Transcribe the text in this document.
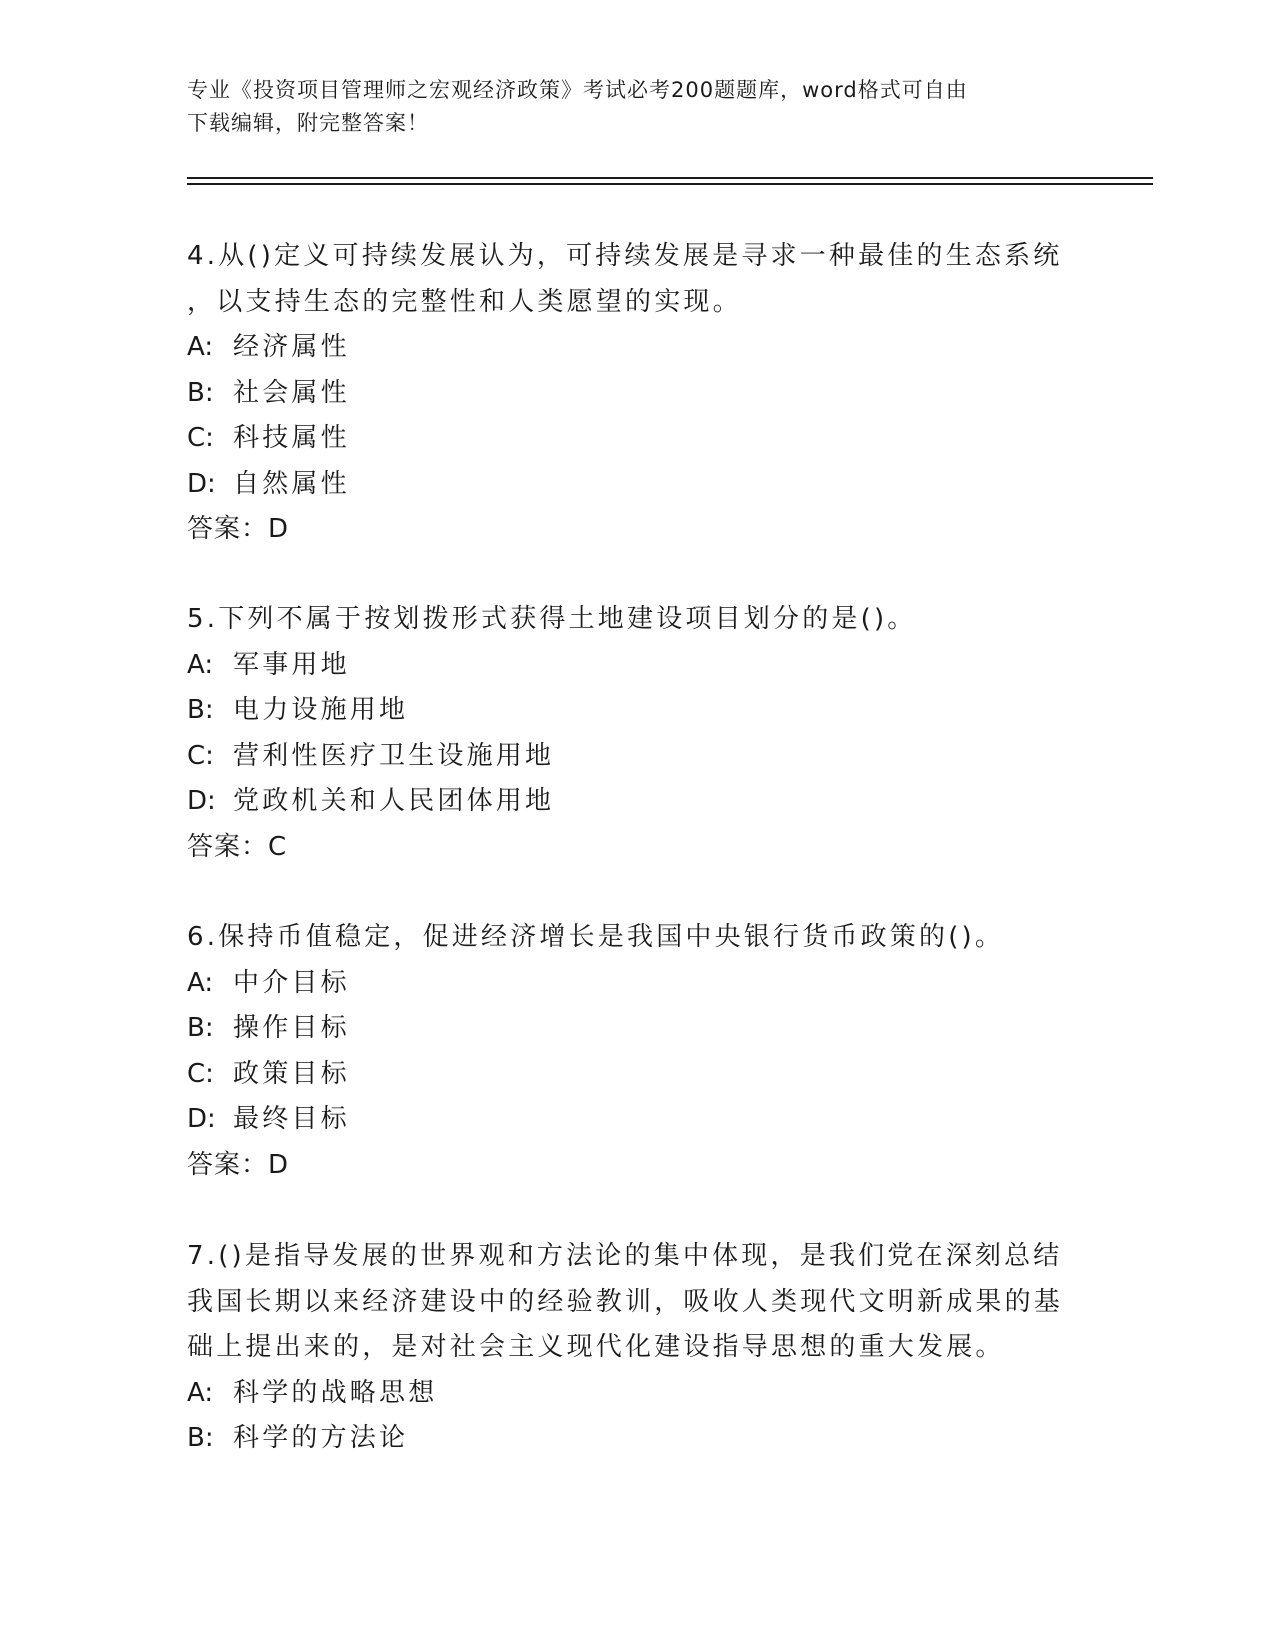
专业《投资项目管理师之宏观经济政策》考试必考200题题库，word格式可自由
下载编辑，附完整答案！
4.从()定义可持续发展认为，可持续发展是寻求一种最佳的生态系统
，以支持生态的完整性和人类愿望的实现。
A: 经济属性
B: 社会属性
C: 科技属性
D: 自然属性
答案：D
5.下列不属于按划拨形式获得土地建设项目划分的是()。
A: 军事用地
B: 电力设施用地
C: 营利性医疗卫生设施用地
D: 党政机关和人民团体用地
答案：C
6.保持币值稳定，促进经济增长是我国中央银行货币政策的()。
A: 中介目标
B: 操作目标
C: 政策目标
D: 最终目标
答案：D
7.()是指导发展的世界观和方法论的集中体现，是我们党在深刻总结
我国长期以来经济建设中的经验教训，吸收人类现代文明新成果的基
础上提出来的，是对社会主义现代化建设指导思想的重大发展。
A: 科学的战略思想
B: 科学的方法论
